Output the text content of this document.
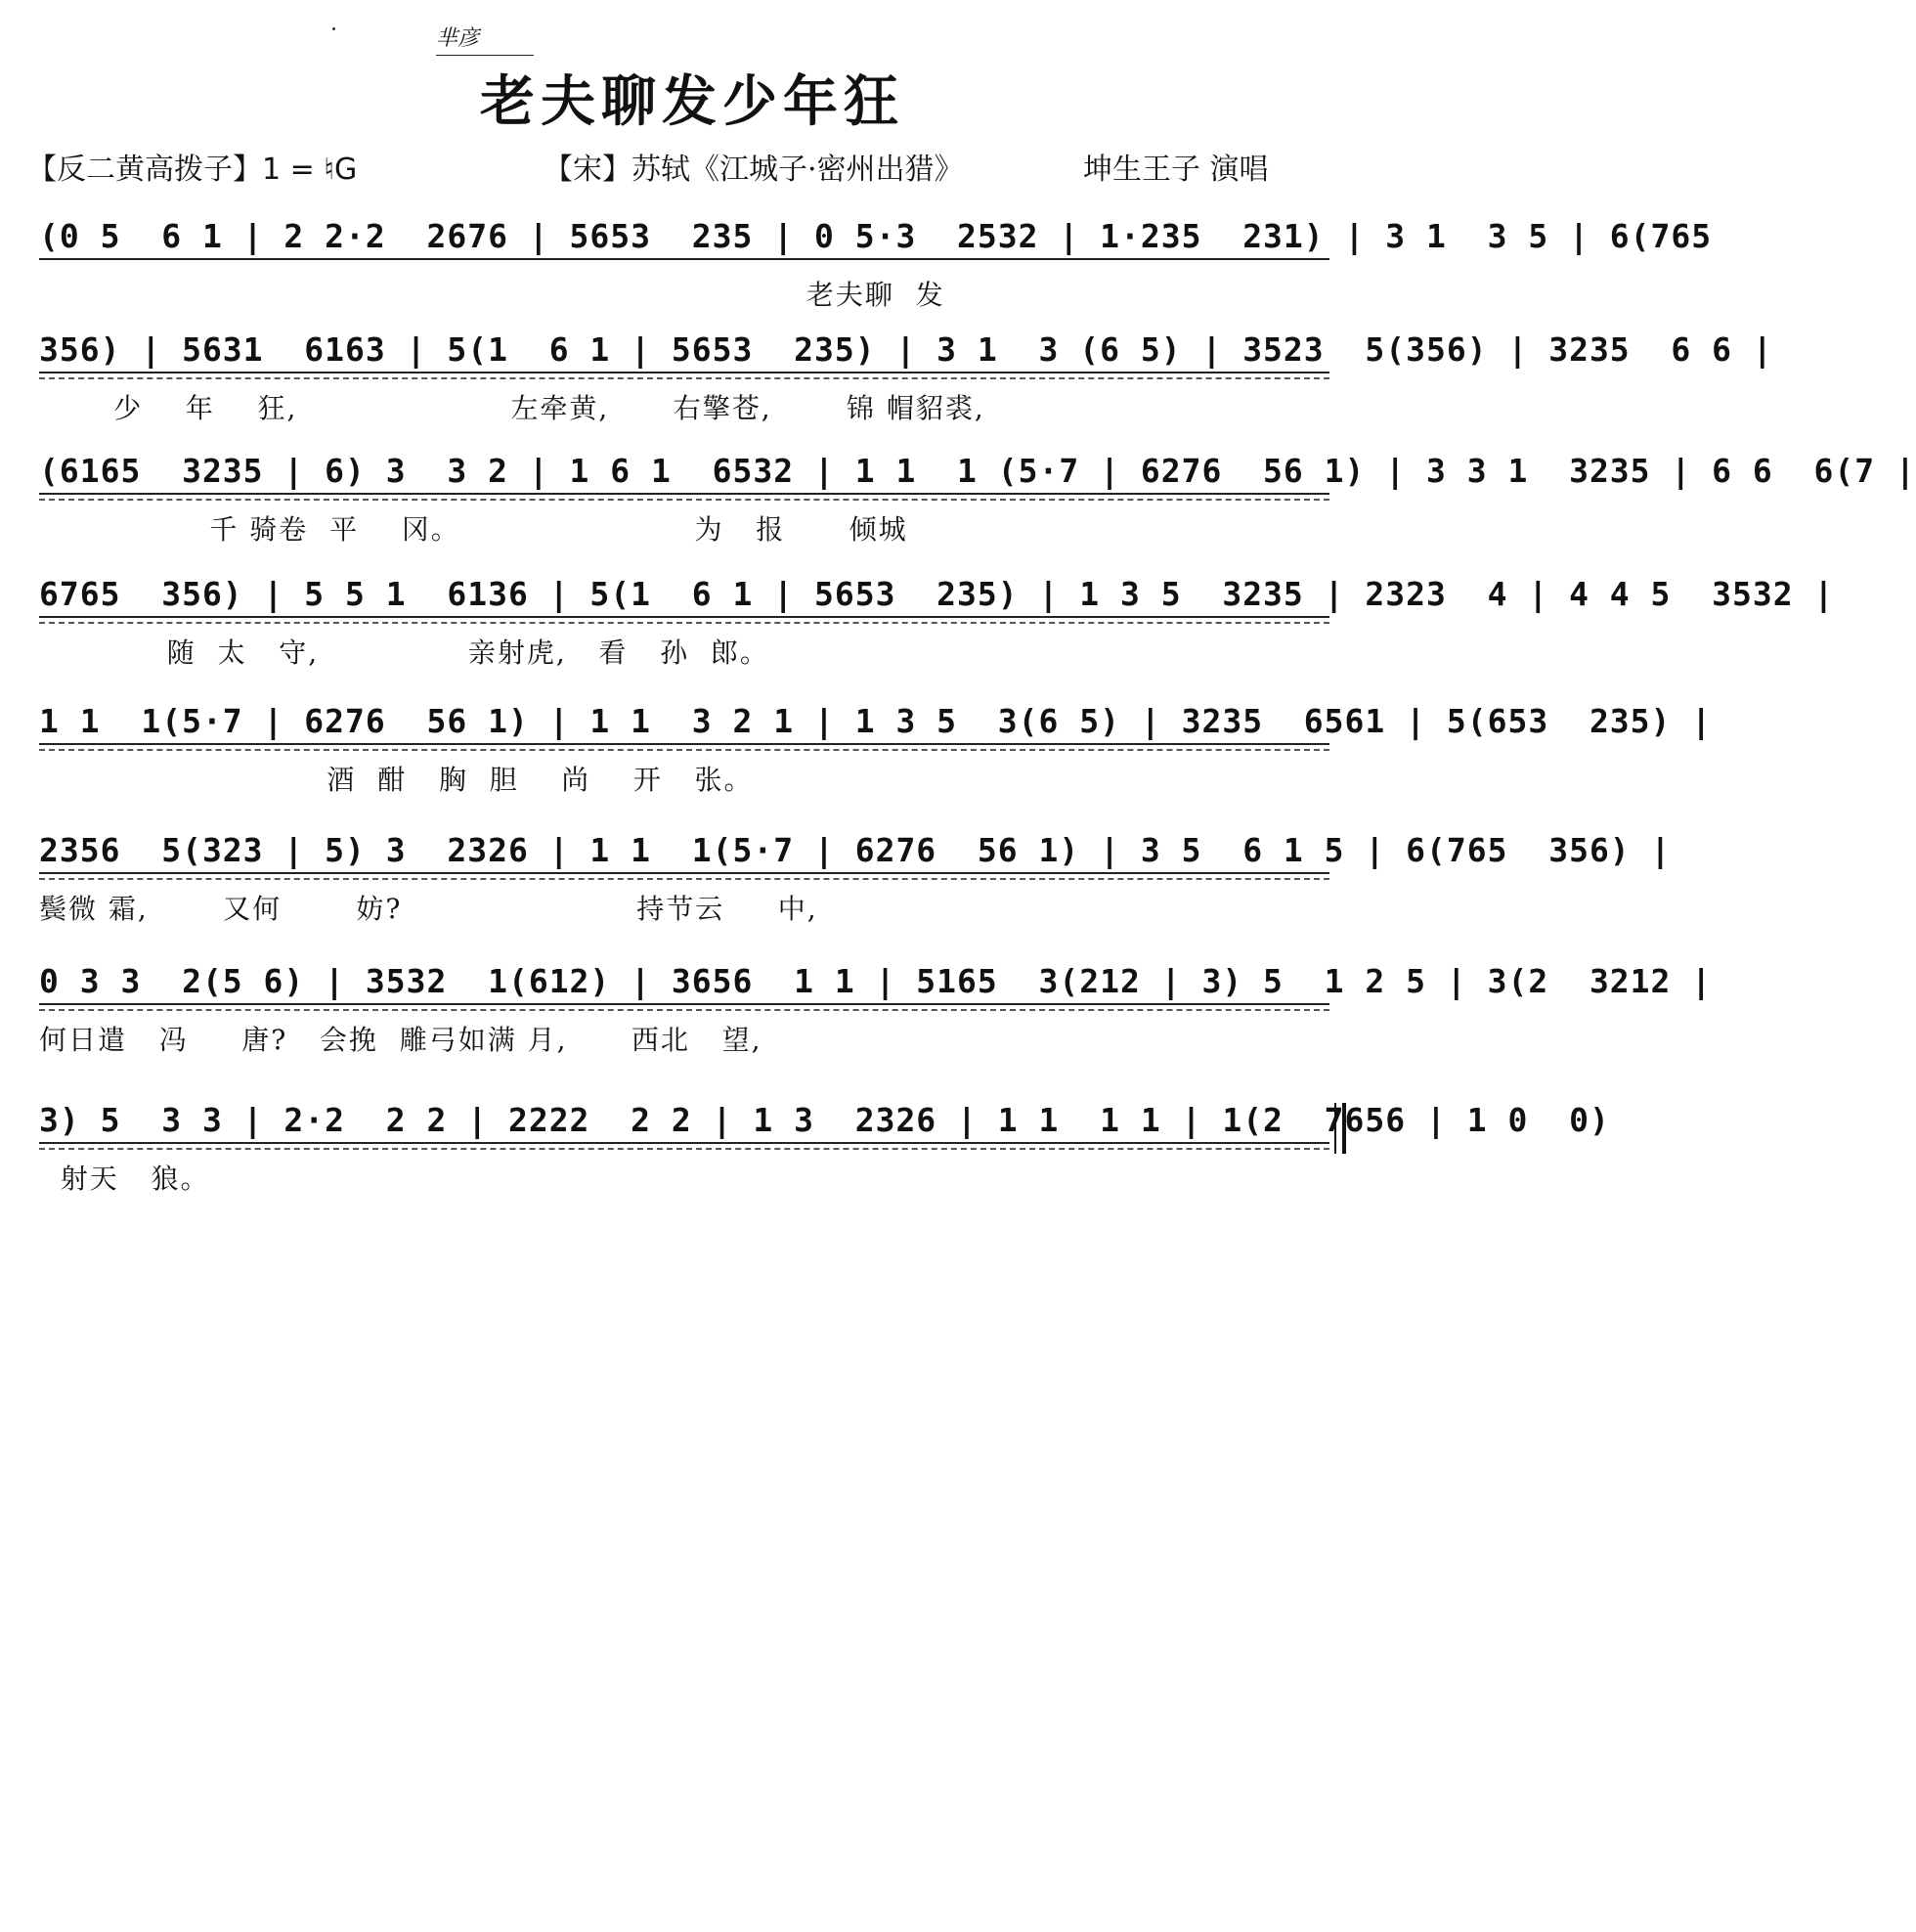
芈彦
老夫聊发少年狂
【反二黄高拨子】1 = ♮G	【宋】苏轼《江城子·密州出猎》	坤生王子 演唱
(0 5  6 1 | 2 2·2  2676 | 5653  235 | 0 5·3  2532 | 1·235  231) | 3 1  3 5 | 6(765
老夫聊  发
356) | 5631  6163 | 5(1  6 1 | 5653  235) | 3 1  3 (6 5) | 3523  5(356) | 3235  6 6 |
少    年    狂,                    左牵黄,      右擎苍,       锦 帽貂裘,
(6165  3235 | 6) 3  3 2 | 1 6 1  6532 | 1 1  1 (5·7 | 6276  56 1) | 3 3 1  3235 | 6 6  6(7 |
千 骑卷  平    冈。                      为   报      倾城
6765  356) | 5 5 1  6136 | 5(1  6 1 | 5653  235) | 1 3 5  3235 | 2323  4 | 4 4 5  3532 |
随  太   守,              亲射虎,   看   孙  郎。
1 1  1(5·7 | 6276  56 1) | 1 1  3 2 1 | 1 3 5  3(6 5) | 3235  6561 | 5(653  235) |
酒  酣   胸  胆    尚    开   张。
2356  5(323 | 5) 3  2326 | 1 1  1(5·7 | 6276  56 1) | 3 5  6 1 5 | 6(765  356) |
鬓微 霜,       又何       妨?                      持节云     中,
0 3 3  2(5 6) | 3532  1(612) | 3656  1 1 | 5165  3(212 | 3) 5  1 2 5 | 3(2  3212 |
何日遣   冯     唐?   会挽  雕弓如满 月,      西北   望,
3) 5  3 3 | 2·2  2 2 | 2222  2 2 | 1 3  2326 | 1 1  1 1 | 1(2  7656 | 1 0  0)
射天   狼。
